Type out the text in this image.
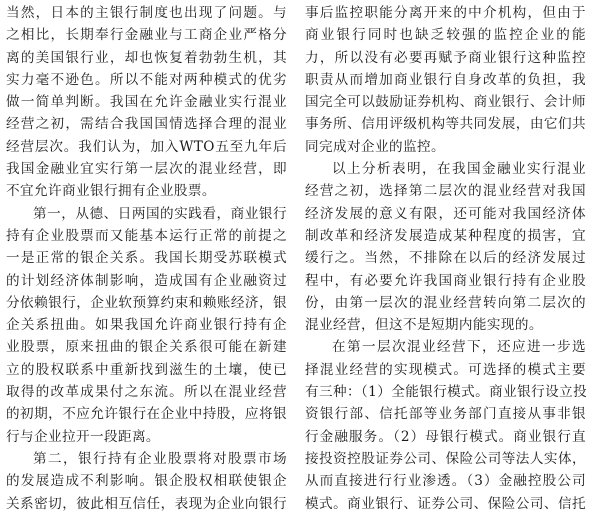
当然，日本的主银行制度也出现了问题。与
之相比，长期奉行金融业与工商企业严格分
离的美国银行业，却也恢复着勃勃生机，其
实力毫不逊色。所以不能对两种模式的优劣
做一简单判断。我国在允许金融业实行混业
经营之初，需结合我国国情选择合理的混业
经营层次。我们认为，加入WTO五至九年后
我国金融业宜实行第一层次的混业经营，即
不宜允许商业银行拥有企业股票。
第一，从德、日两国的实践看，商业银行
持有企业股票而又能基本运行正常的前提之
一是正常的银企关系。我国长期受苏联模式
的计划经济体制影响，造成国有企业融资过
分依赖银行，企业软预算约束和赖账经济，银
企关系扭曲。如果我国允许商业银行持有企
业股票，原来扭曲的银企关系很可能在新建
立的股权联系中重新找到滋生的土壤，使已
取得的改革成果付之东流。所以在混业经营
的初期，不应允许银行在企业中持股，应将银
行与企业拉开一段距离。
第二，银行持有企业股票将对股票市场
的发展造成不利影响。银企股权相联使银企
关系密切，彼此相互信任，表现为企业向银行
事后监控职能分离开来的中介机构，但由于
商业银行同时也缺乏较强的监控企业的能
力，所以没有必要再赋予商业银行这种监控
职责从而增加商业银行自身改革的负担，我
国完全可以鼓励证券机构、商业银行、会计师
事务所、信用评级机构等共同发展，由它们共
同完成对企业的监控。
以上分析表明，在我国金融业实行混业
经营之初，选择第二层次的混业经营对我国
经济发展的意义有限，还可能对我国经济体
制改革和经济发展造成某种程度的损害，宜
缓行之。当然，不排除在以后的经济发展过
程中，有必要允许我国商业银行持有企业股
份，由第一层次的混业经营转向第二层次的
混业经营，但这不是短期内能实现的。
在第一层次混业经营下，还应进一步选
择混业经营的实现模式。可选择的模式主要
有三种：（1）全能银行模式。商业银行设立投
资银行部、信托部等业务部门直接从事非银
行金融服务。（2）母银行模式。商业银行直
接投资控股证券公司、保险公司等法人实体，
从而直接进行行业渗透。（3）金融控股公司
模式。商业银行、证券公司、保险公司、信托
